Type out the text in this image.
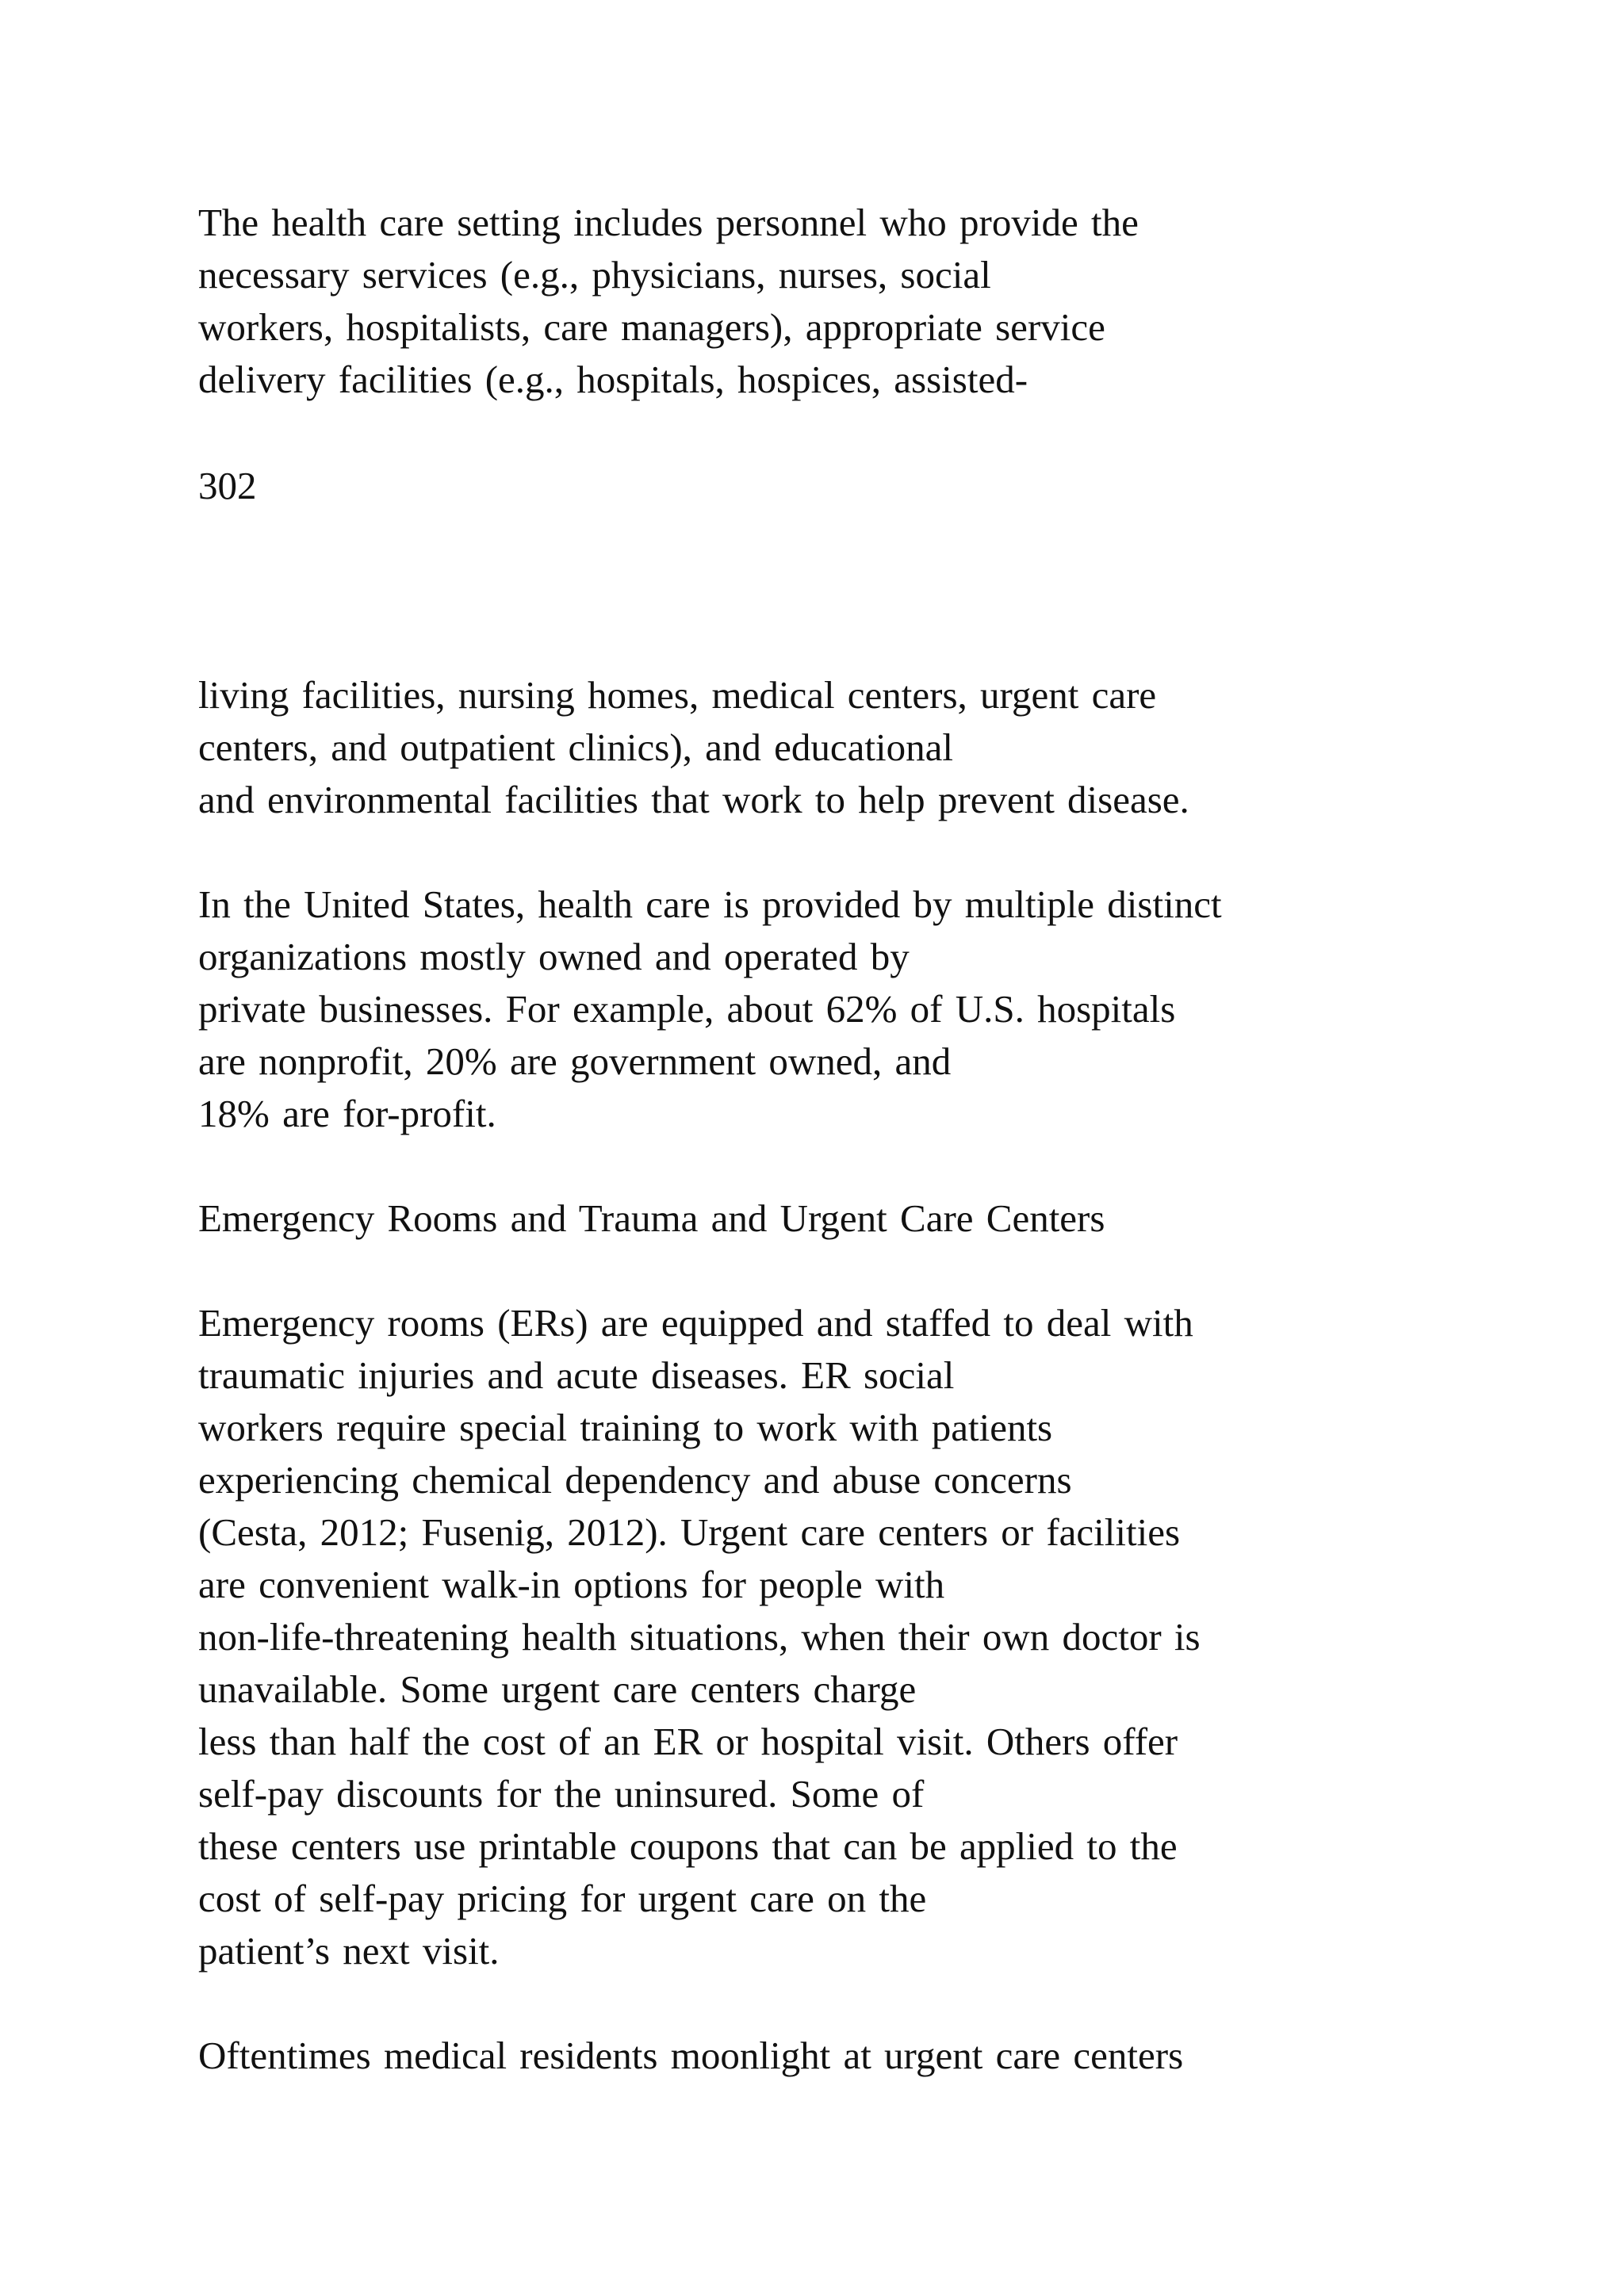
The health care setting includes personnel who provide the
necessary services (e.g., physicians, nurses, social
workers, hospitalists, care managers), appropriate service
delivery facilities (e.g., hospitals, hospices, assisted-
302
living facilities, nursing homes, medical centers, urgent care
centers, and outpatient clinics), and educational
and environmental facilities that work to help prevent disease.
In the United States, health care is provided by multiple distinct
organizations mostly owned and operated by
private businesses. For example, about 62% of U.S. hospitals
are nonprofit, 20% are government owned, and
18% are for-profit.
Emergency Rooms and Trauma and Urgent Care Centers
Emergency rooms (ERs) are equipped and staffed to deal with
traumatic injuries and acute diseases. ER social
workers require special training to work with patients
experiencing chemical dependency and abuse concerns
(Cesta, 2012; Fusenig, 2012). Urgent care centers or facilities
are convenient walk-in options for people with
non-life-threatening health situations, when their own doctor is
unavailable. Some urgent care centers charge
less than half the cost of an ER or hospital visit. Others offer
self-pay discounts for the uninsured. Some of
these centers use printable coupons that can be applied to the
cost of self-pay pricing for urgent care on the
patient’s next visit.
Oftentimes medical residents moonlight at urgent care centers
